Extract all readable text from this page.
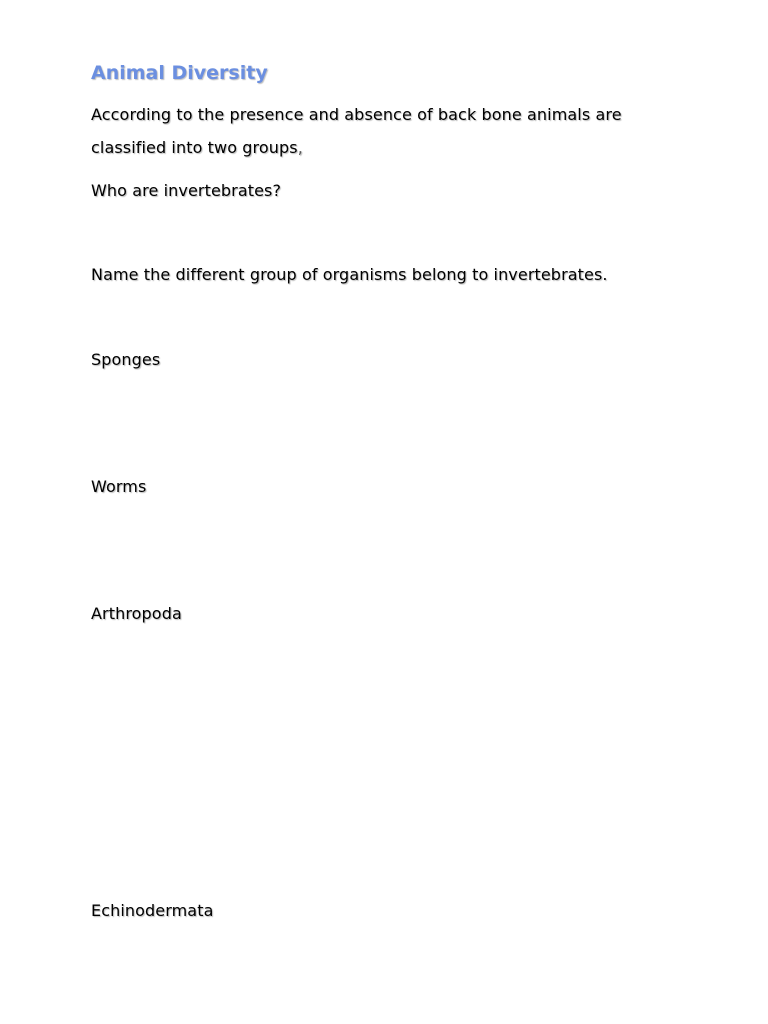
Animal Diversity
According to the presence and absence of back bone animals are
classified into two groups,
Who are invertebrates?
Name the different group of organisms belong to invertebrates.
Sponges
Worms
Arthropoda
Echinodermata
